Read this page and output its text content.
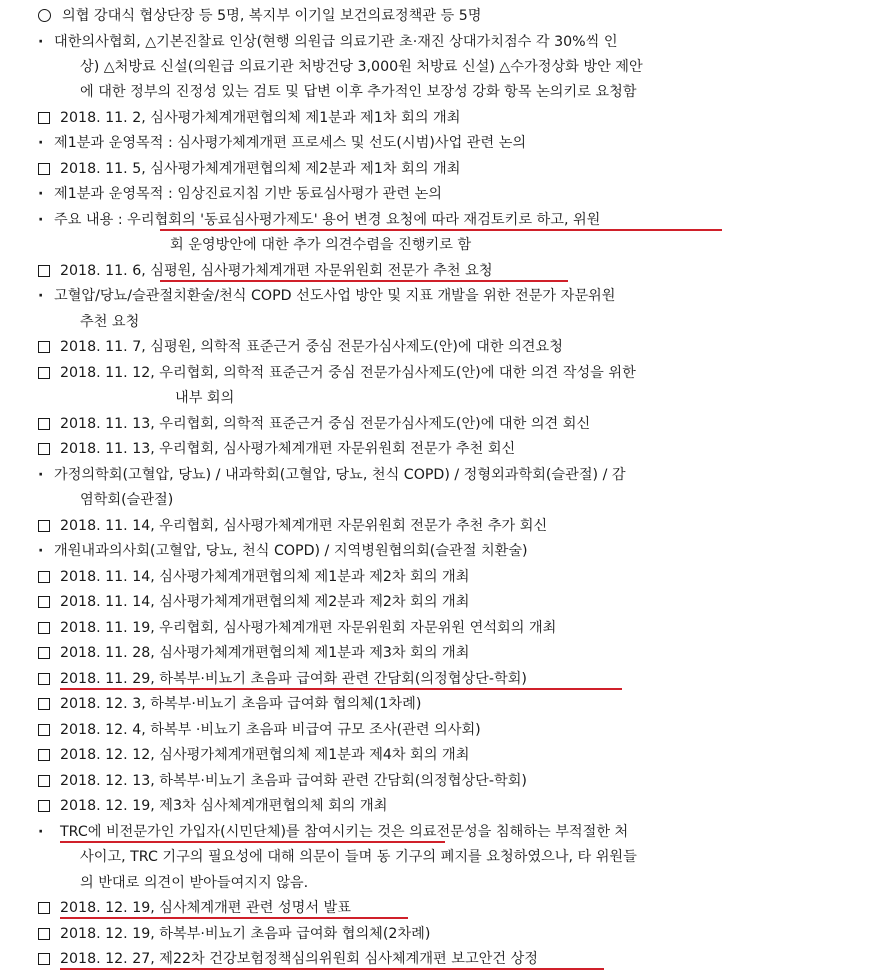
의협 강대식 협상단장 등 5명, 복지부 이기일 보건의료정책관 등 5명
· 대한의사협회, △기본진찰료 인상(현행 의원급 의료기관 초·재진 상대가치점수 각 30%씩 인
상) △처방료 신설(의원급 의료기관 처방건당 3,000원 처방료 신설) △수가정상화 방안 제안
에 대한 정부의 진정성 있는 검토 및 답변 이후 추가적인 보장성 강화 항목 논의키로 요청함
2018. 11. 2, 심사평가체계개편협의체 제1분과 제1차 회의 개최
· 제1분과 운영목적 : 심사평가체계개편 프로세스 및 선도(시범)사업 관련 논의
2018. 11. 5, 심사평가체계개편협의체 제2분과 제1차 회의 개최
· 제1분과 운영목적 : 임상진료지침 기반 동료심사평가 관련 논의
· 주요 내용 : 우리협회의 '동료심사평가제도' 용어 변경 요청에 따라 재검토키로 하고, 위원
회 운영방안에 대한 추가 의견수렴을 진행키로 함
2018. 11. 6, 심평원, 심사평가체계개편 자문위원회 전문가 추천 요청
· 고혈압/당뇨/슬관절치환술/천식 COPD 선도사업 방안 및 지표 개발을 위한 전문가 자문위원
추천 요청
2018. 11. 7, 심평원, 의학적 표준근거 중심 전문가심사제도(안)에 대한 의견요청
2018. 11. 12, 우리협회, 의학적 표준근거 중심 전문가심사제도(안)에 대한 의견 작성을 위한
내부 회의
2018. 11. 13, 우리협회, 의학적 표준근거 중심 전문가심사제도(안)에 대한 의견 회신
2018. 11. 13, 우리협회, 심사평가체계개편 자문위원회 전문가 추천 회신
· 가정의학회(고혈압, 당뇨) / 내과학회(고혈압, 당뇨, 천식 COPD) / 정형외과학회(슬관절) / 감
염학회(슬관절)
2018. 11. 14, 우리협회, 심사평가체계개편 자문위원회 전문가 추천 추가 회신
· 개원내과의사회(고혈압, 당뇨, 천식 COPD) / 지역병원협의회(슬관절 치환술)
2018. 11. 14, 심사평가체계개편협의체 제1분과 제2차 회의 개최
2018. 11. 14, 심사평가체계개편협의체 제2분과 제2차 회의 개최
2018. 11. 19, 우리협회, 심사평가체계개편 자문위원회 자문위원 연석회의 개최
2018. 11. 28, 심사평가체계개편협의체 제1분과 제3차 회의 개최
2018. 11. 29, 하복부·비뇨기 초음파 급여화 관련 간담회(의정협상단-학회)
2018. 12. 3, 하복부·비뇨기 초음파 급여화 협의체(1차례)
2018. 12. 4, 하복부 ·비뇨기 초음파 비급여 규모 조사(관련 의사회)
2018. 12. 12, 심사평가체계개편협의체 제1분과 제4차 회의 개최
2018. 12. 13, 하복부·비뇨기 초음파 급여화 관련 간담회(의정협상단-학회)
2018. 12. 19, 제3차 심사체계개편협의체 회의 개최
· TRC에 비전문가인 가입자(시민단체)를 참여시키는 것은 의료전문성을 침해하는 부적절한 처
사이고, TRC 기구의 필요성에 대해 의문이 들며 동 기구의 폐지를 요청하였으나, 타 위원들
의 반대로 의견이 받아들여지지 않음.
2018. 12. 19, 심사체계개편 관련 성명서 발표
2018. 12. 19, 하복부·비뇨기 초음파 급여화 협의체(2차례)
2018. 12. 27, 제22차 건강보험정책심의위원회 심사체계개편 보고안건 상정
